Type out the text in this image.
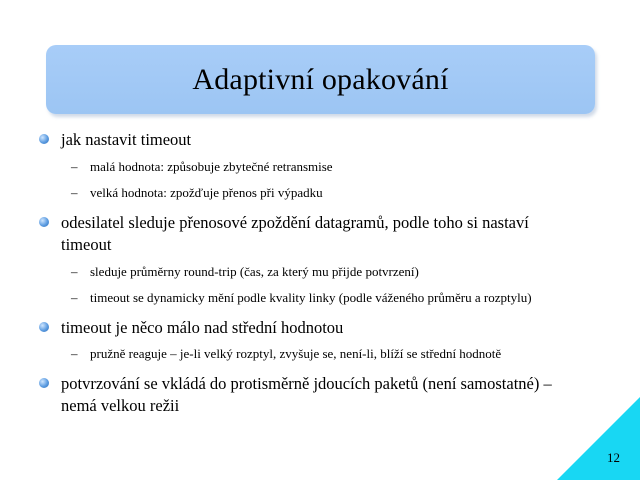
Adaptivní opakování
jak nastavit timeout
– malá hodnota: způsobuje zbytečné retransmise
– velká hodnota: zpožďuje přenos při výpadku
odesilatel sleduje přenosové zpoždění datagramů, podle toho si nastaví
timeout
– sleduje průměrny round-trip (čas, za který mu přijde potvrzení)
– timeout se dynamicky mění podle kvality linky (podle váženého průměru a rozptylu)
timeout je něco málo nad střední hodnotou
– pružně reaguje – je-li velký rozptyl, zvyšuje se, není-li, blíží se střední hodnotě
potvrzování se vkládá do protisměrně jdoucích paketů (není samostatné) –
nemá velkou režii
12
